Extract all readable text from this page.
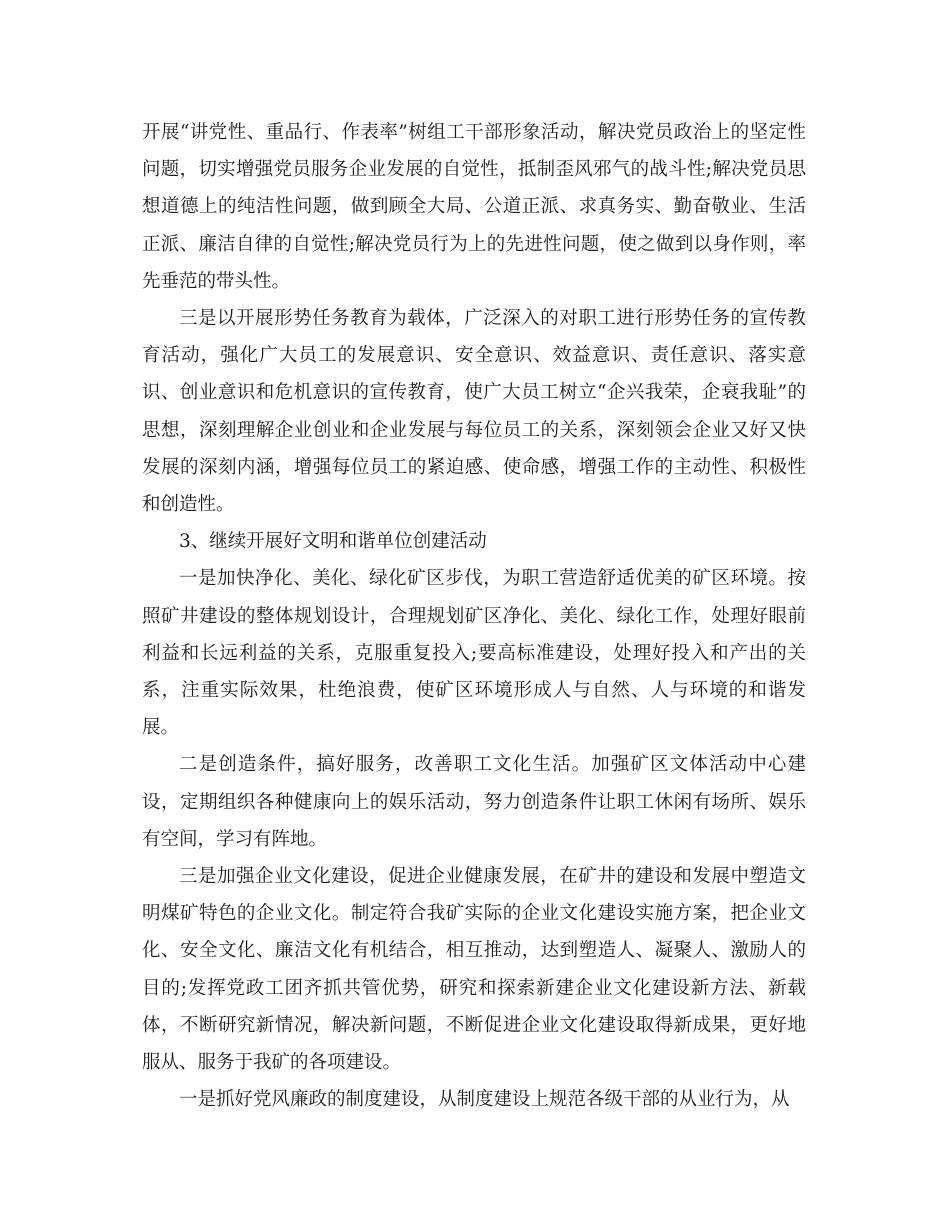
开展“讲党性、重品行、作表率”树组工干部形象活动，解决党员政治上的坚定性问题，切实增强党员服务企业发展的自觉性，抵制歪风邪气的战斗性;解决党员思想道德上的纯洁性问题，做到顾全大局、公道正派、求真务实、勤奋敬业、生活正派、廉洁自律的自觉性;解决党员行为上的先进性问题，使之做到以身作则，率先垂范的带头性。

三是以开展形势任务教育为载体，广泛深入的对职工进行形势任务的宣传教育活动，强化广大员工的发展意识、安全意识、效益意识、责任意识、落实意识、创业意识和危机意识的宣传教育，使广大员工树立“企兴我荣，企衰我耻”的思想，深刻理解企业创业和企业发展与每位员工的关系，深刻领会企业又好又快发展的深刻内涵，增强每位员工的紧迫感、使命感，增强工作的主动性、积极性和创造性。

3、继续开展好文明和谐单位创建活动

一是加快净化、美化、绿化矿区步伐，为职工营造舒适优美的矿区环境。按照矿井建设的整体规划设计，合理规划矿区净化、美化、绿化工作，处理好眼前利益和长远利益的关系，克服重复投入;要高标准建设，处理好投入和产出的关系，注重实际效果，杜绝浪费，使矿区环境形成人与自然、人与环境的和谐发展。

二是创造条件，搞好服务，改善职工文化生活。加强矿区文体活动中心建设，定期组织各种健康向上的娱乐活动，努力创造条件让职工休闲有场所、娱乐有空间，学习有阵地。

三是加强企业文化建设，促进企业健康发展，在矿井的建设和发展中塑造文明煤矿特色的企业文化。制定符合我矿实际的企业文化建设实施方案，把企业文化、安全文化、廉洁文化有机结合，相互推动，达到塑造人、凝聚人、激励人的目的;发挥党政工团齐抓共管优势，研究和探索新建企业文化建设新方法、新载体，不断研究新情况，解决新问题，不断促进企业文化建设取得新成果，更好地服从、服务于我矿的各项建设。

一是抓好党风廉政的制度建设，从制度建设上规范各级干部的从业行为，从
